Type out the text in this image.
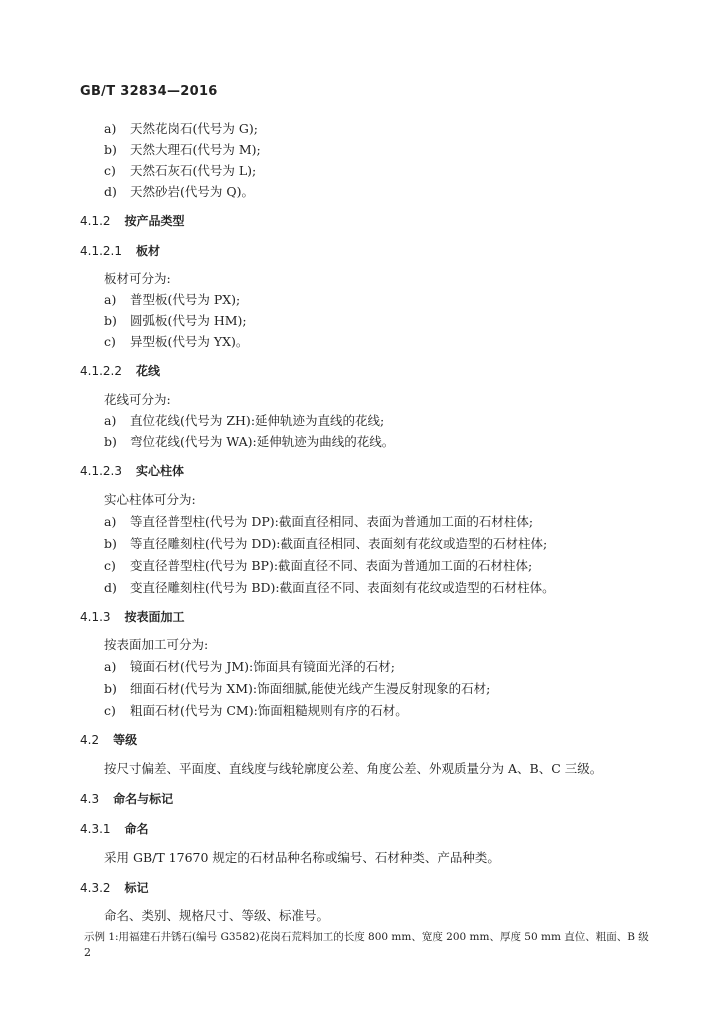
GB/T 32834—2016
a) 天然花岗石(代号为 G);
b) 天然大理石(代号为 M);
c) 天然石灰石(代号为 L);
d) 天然砂岩(代号为 Q)。
4.1.2 按产品类型
4.1.2.1 板材
板材可分为:
a) 普型板(代号为 PX);
b) 圆弧板(代号为 HM);
c) 异型板(代号为 YX)。
4.1.2.2 花线
花线可分为:
a) 直位花线(代号为 ZH):延伸轨迹为直线的花线;
b) 弯位花线(代号为 WA):延伸轨迹为曲线的花线。
4.1.2.3 实心柱体
实心柱体可分为:
a) 等直径普型柱(代号为 DP):截面直径相同、表面为普通加工面的石材柱体;
b) 等直径雕刻柱(代号为 DD):截面直径相同、表面刻有花纹或造型的石材柱体;
c) 变直径普型柱(代号为 BP):截面直径不同、表面为普通加工面的石材柱体;
d) 变直径雕刻柱(代号为 BD):截面直径不同、表面刻有花纹或造型的石材柱体。
4.1.3 按表面加工
按表面加工可分为:
a) 镜面石材(代号为 JM):饰面具有镜面光泽的石材;
b) 细面石材(代号为 XM):饰面细腻,能使光线产生漫反射现象的石材;
c) 粗面石材(代号为 CM):饰面粗糙规则有序的石材。
4.2 等级
按尺寸偏差、平面度、直线度与线轮廓度公差、角度公差、外观质量分为 A、B、C 三级。
4.3 命名与标记
4.3.1 命名
采用 GB/T 17670 规定的石材品种名称或编号、石材种类、产品种类。
4.3.2 标记
命名、类别、规格尺寸、等级、标准号。
示例 1:用福建石井锈石(编号 G3582)花岗石荒料加工的长度 800 mm、宽度 200 mm、厚度 50 mm 直位、粗面、B 级
2
